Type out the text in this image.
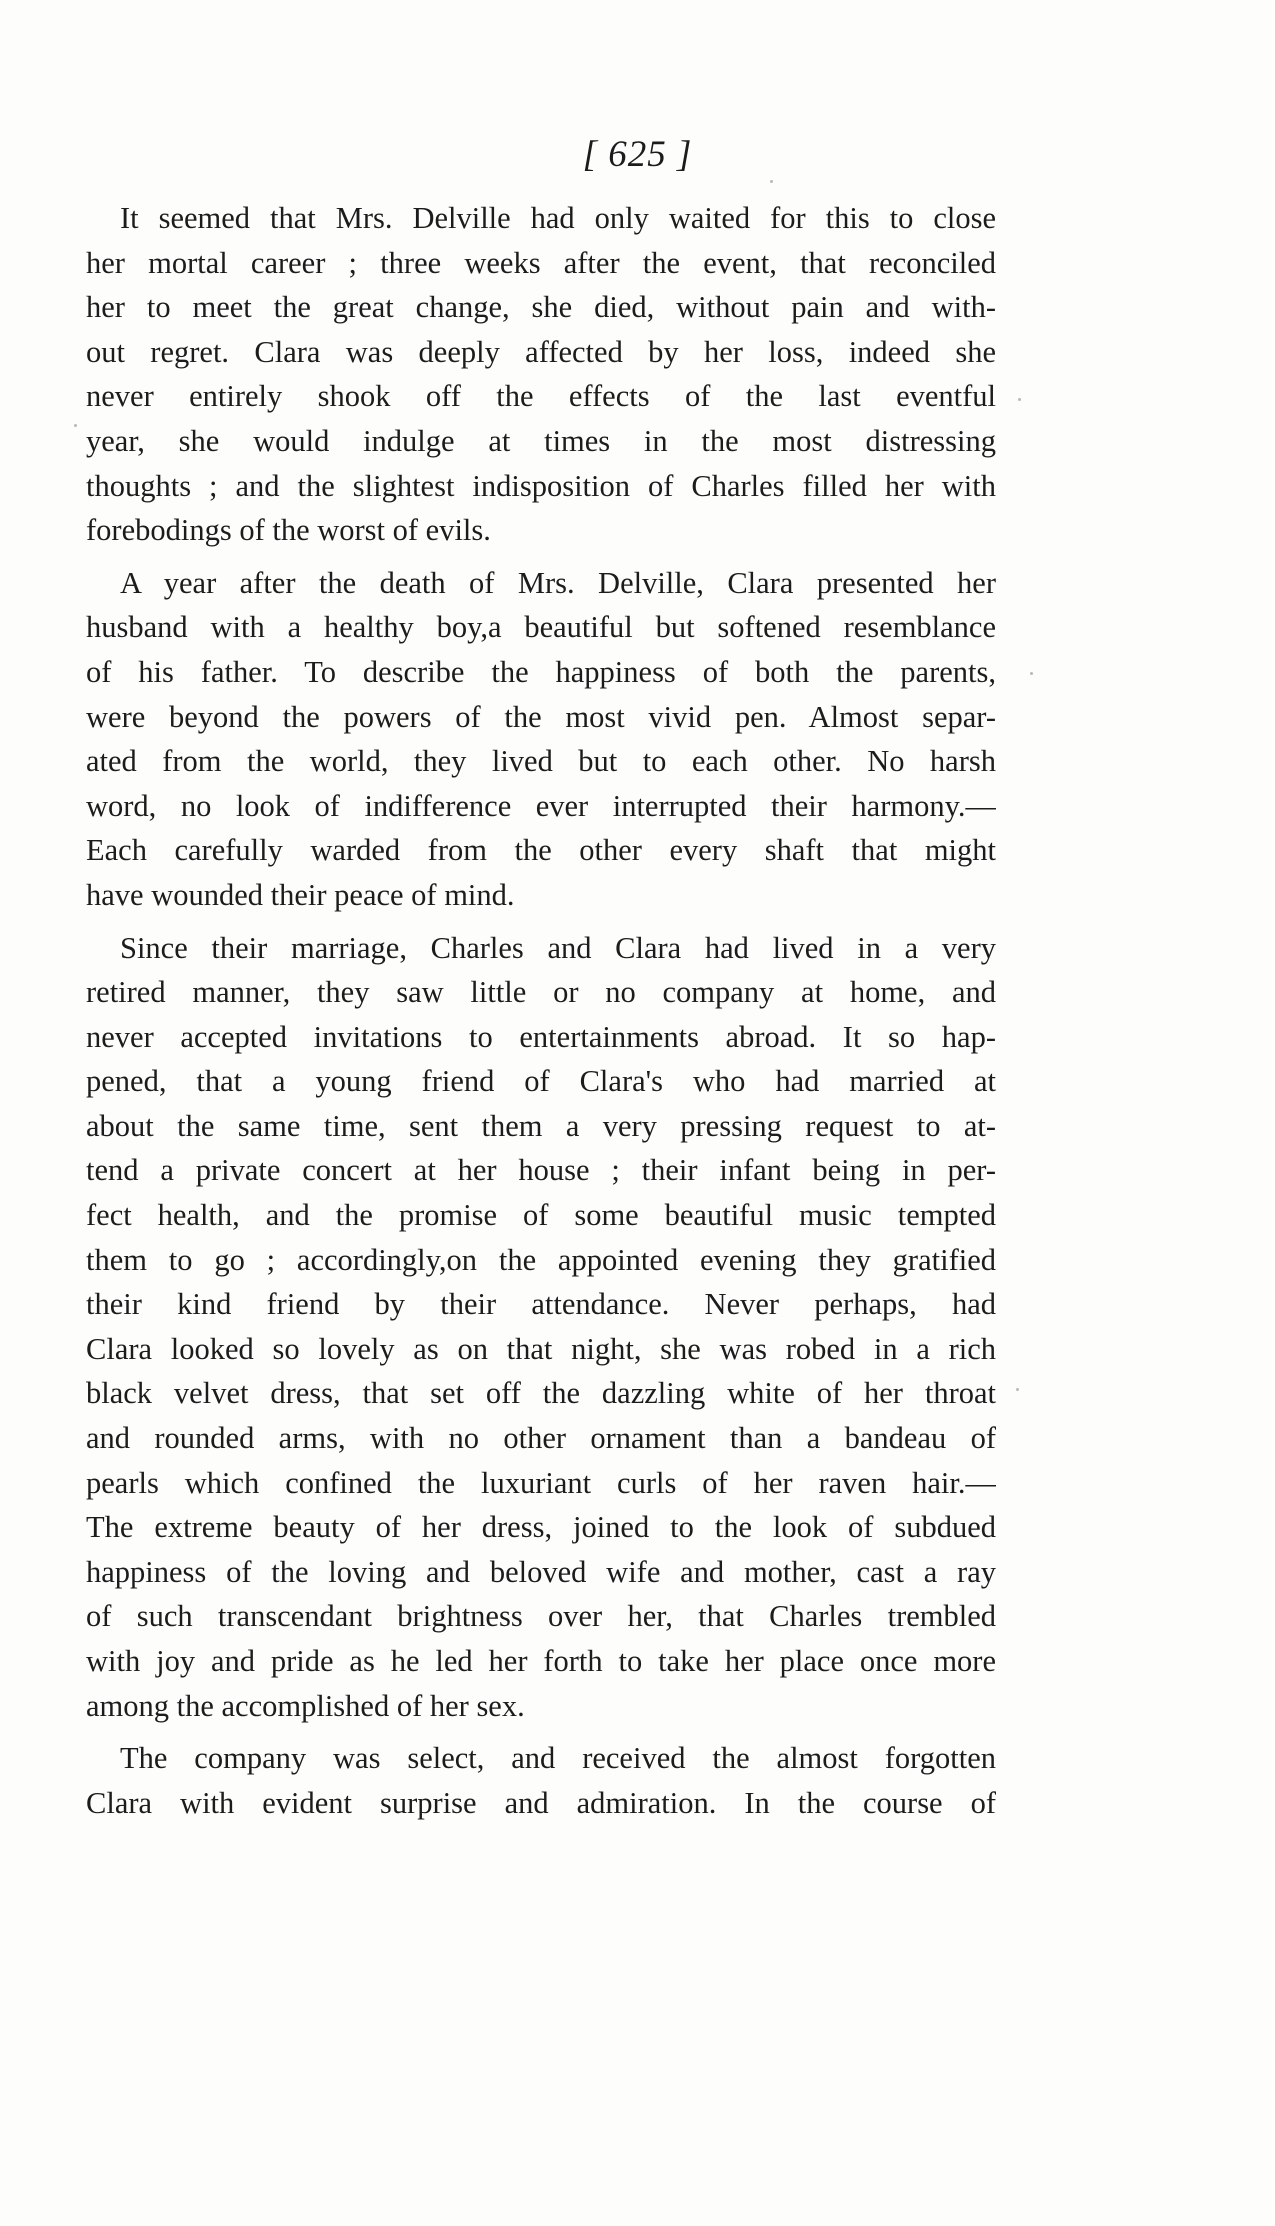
[ 625 ]
It seemed that Mrs. Delville had only waited for this to close
her mortal career ; three weeks after the event, that reconciled
her to meet the great change, she died, without pain and with-
out regret. Clara was deeply affected by her loss, indeed she
never entirely shook off the effects of the last eventful
year, she would indulge at times in the most distressing
thoughts ; and the slightest indisposition of Charles filled her with
forebodings of the worst of evils.
A year after the death of Mrs. Delville, Clara presented her
husband with a healthy boy,a beautiful but softened resemblance
of his father. To describe the happiness of both the parents,
were beyond the powers of the most vivid pen. Almost separ-
ated from the world, they lived but to each other. No harsh
word, no look of indifference ever interrupted their harmony.—
Each carefully warded from the other every shaft that might
have wounded their peace of mind.
Since their marriage, Charles and Clara had lived in a very
retired manner, they saw little or no company at home, and
never accepted invitations to entertainments abroad. It so hap-
pened, that a young friend of Clara's who had married at
about the same time, sent them a very pressing request to at-
tend a private concert at her house ; their infant being in per-
fect health, and the promise of some beautiful music tempted
them to go ; accordingly,on the appointed evening they gratified
their kind friend by their attendance. Never perhaps, had
Clara looked so lovely as on that night, she was robed in a rich
black velvet dress, that set off the dazzling white of her throat
and rounded arms, with no other ornament than a bandeau of
pearls which confined the luxuriant curls of her raven hair.—
The extreme beauty of her dress, joined to the look of subdued
happiness of the loving and beloved wife and mother, cast a ray
of such transcendant brightness over her, that Charles trembled
with joy and pride as he led her forth to take her place once more
among the accomplished of her sex.
The company was select, and received the almost forgotten
Clara with evident surprise and admiration. In the course of
